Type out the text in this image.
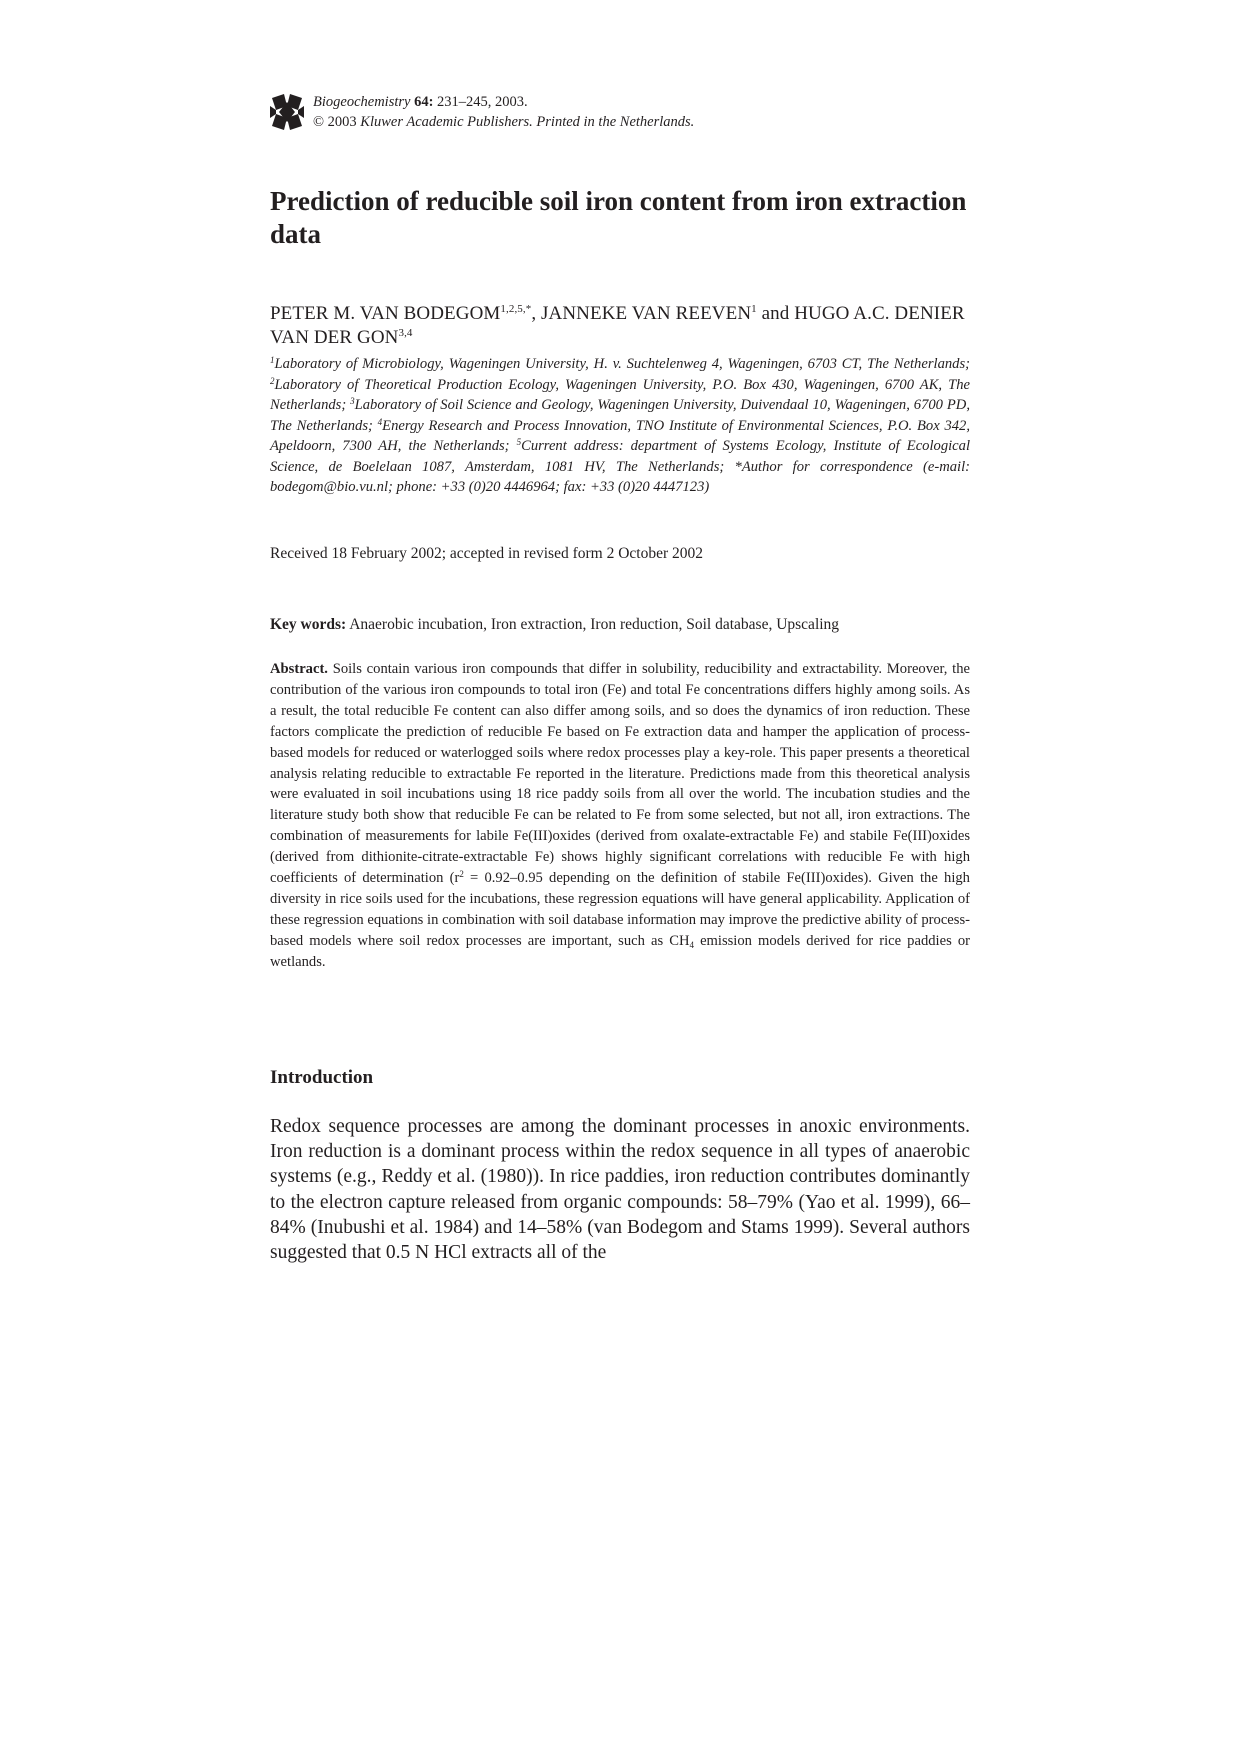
Biogeochemistry 64: 231–245, 2003.
© 2003 Kluwer Academic Publishers. Printed in the Netherlands.
Prediction of reducible soil iron content from iron extraction data
PETER M. VAN $BODEGOM^{1,2,5,*}$, JANNEKE VAN REEVEN$^1$ and HUGO A.C. DENIER VAN DER GON$^{3,4}$
$^1$Laboratory of Microbiology, Wageningen University, H. v. Suchtelenweg 4, Wageningen, 6703 CT, The Netherlands; $^2$Laboratory of Theoretical Production Ecology, Wageningen University, P.O. Box 430, Wageningen, 6700 AK, The Netherlands; $^3$Laboratory of Soil Science and Geology, Wageningen University, Duivendaal 10, Wageningen, 6700 PD, The Netherlands; $^4$Energy Research and Process Innovation, TNO Institute of Environmental Sciences, P.O. Box 342, Apeldoorn, 7300 AH, the Netherlands; $^5$Current address: department of Systems Ecology, Institute of Ecological Science, de Boelelaan 1087, Amsterdam, 1081 HV, The Netherlands; *Author for correspondence (e-mail: bodegom@bio.vu.nl; phone: +33 (0)20 4446964; fax: +33 (0)20 4447123)
Received 18 February 2002; accepted in revised form 2 October 2002
Key words: Anaerobic incubation, Iron extraction, Iron reduction, Soil database, Upscaling
Abstract. Soils contain various iron compounds that differ in solubility, reducibility and extractability. Moreover, the contribution of the various iron compounds to total iron (Fe) and total Fe concentrations differs highly among soils. As a result, the total reducible Fe content can also differ among soils, and so does the dynamics of iron reduction. These factors complicate the prediction of reducible Fe based on Fe extraction data and hamper the application of process-based models for reduced or waterlogged soils where redox processes play a key-role. This paper presents a theoretical analysis relating reducible to extractable Fe reported in the literature. Predictions made from this theoretical analysis were evaluated in soil incubations using 18 rice paddy soils from all over the world. The incubation studies and the literature study both show that reducible Fe can be related to Fe from some selected, but not all, iron extractions. The combination of measurements for labile Fe(III)oxides (derived from oxalate-extractable Fe) and stabile Fe(III)oxides (derived from dithionite-citrate-extractable Fe) shows highly significant correlations with reducible Fe with high coefficients of determination ($r^2 = 0.92-0.95$ depending on the definition of stabile Fe(III)oxides). Given the high diversity in rice soils used for the incubations, these regression equations will have general applicability. Application of these regression equations in combination with soil database information may improve the predictive ability of process-based models where soil redox processes are important, such as $CH_4$ emission models derived for rice paddies or wetlands.
Introduction
Redox sequence processes are among the dominant processes in anoxic environments. Iron reduction is a dominant process within the redox sequence in all types of anaerobic systems (e.g., Reddy et al. (1980)). In rice paddies, iron reduction contributes dominantly to the electron capture released from organic compounds: 58–79% (Yao et al. 1999), 66–84% (Inubushi et al. 1984) and 14–58% (van Bodegom and Stams 1999). Several authors suggested that 0.5 N HCl extracts all of the
